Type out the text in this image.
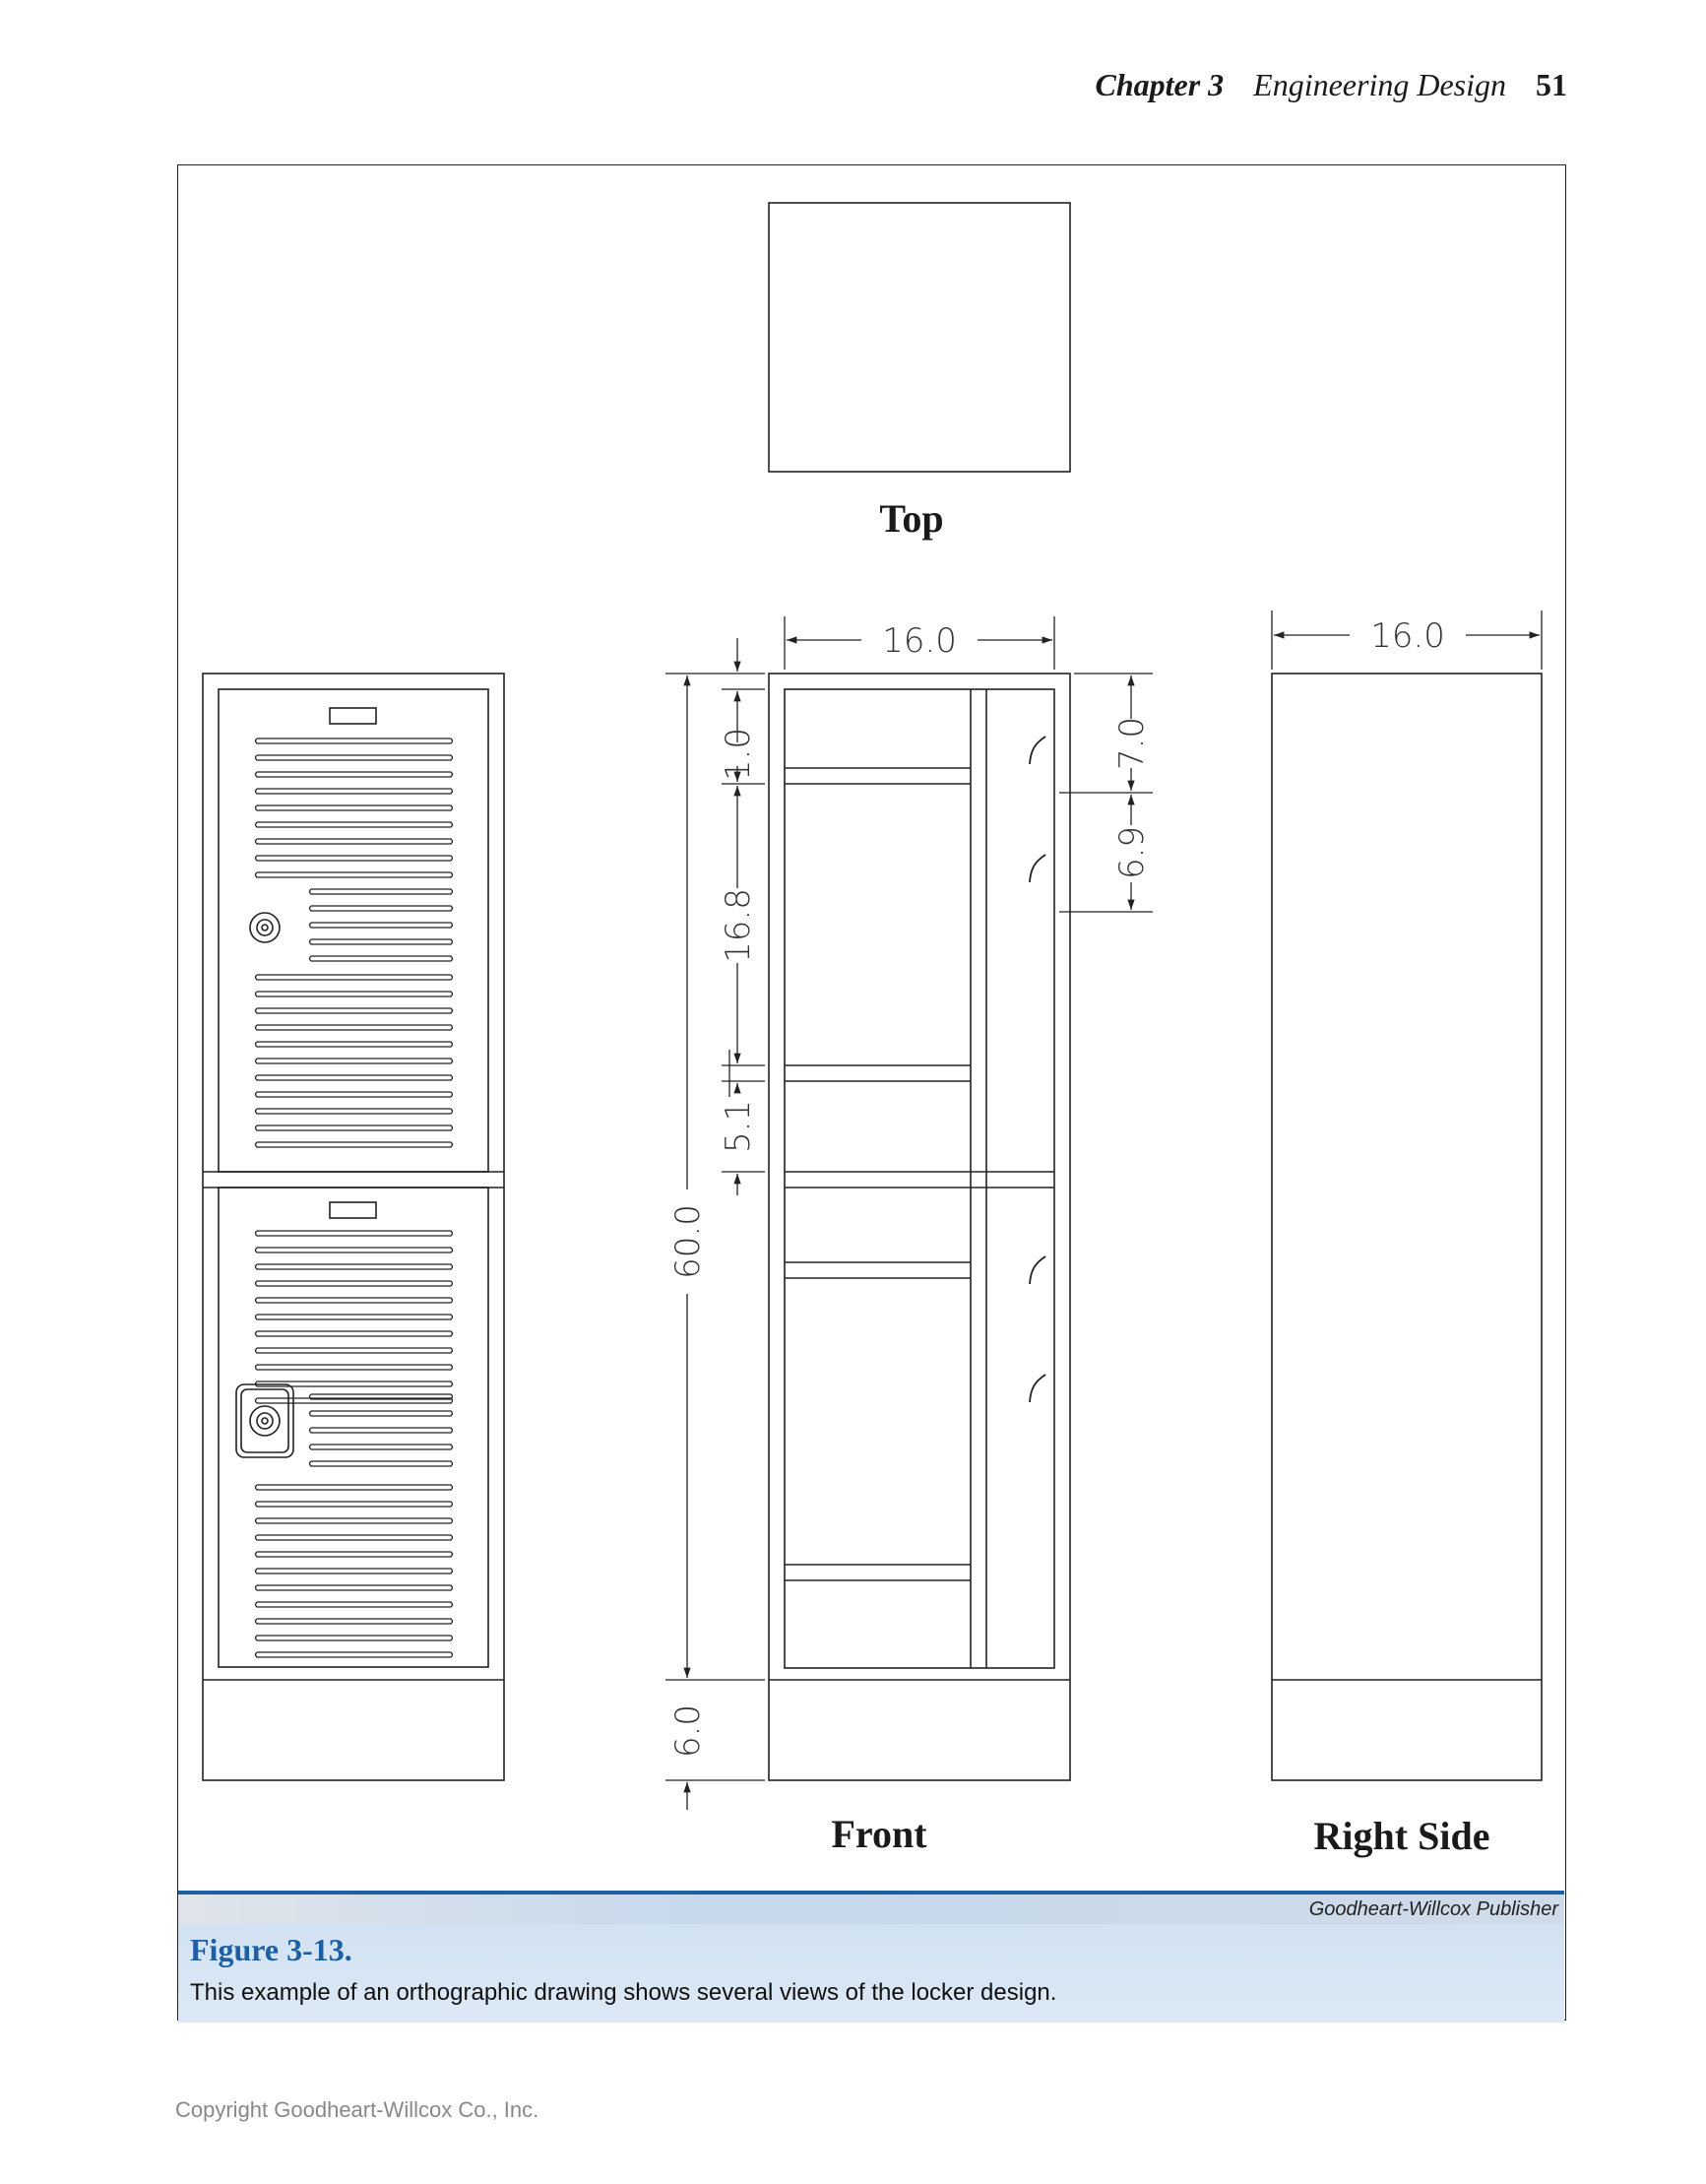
Chapter 3 Engineering Design 51
16.0	16.0
60.0
6.0
1.0
16.8
5.1
7.0
6.9
Top
Front	Right Side
Goodheart-Willcox Publisher
Figure 3-13.
This example of an orthographic drawing shows several views of the locker design.
Copyright Goodheart-Willcox Co., Inc.
